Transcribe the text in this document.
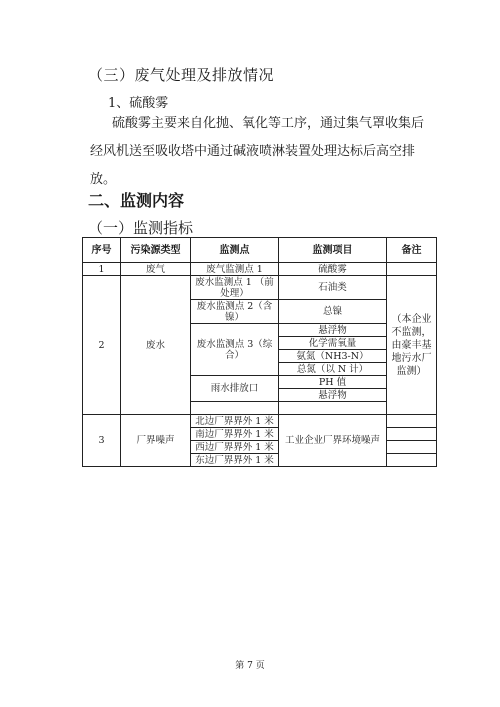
（三）废气处理及排放情况
1、硫酸雾
硫酸雾主要来自化抛、氧化等工序，通过集气罩收集后经风机送至吸收塔中通过碱液喷淋装置处理达标后高空排放。
二、监测内容
（一）监测指标
序号	污染源类型	监测点	监测项目	备注
1	废气	废气监测点 1	硫酸雾	
2	废水	废水监测点 1 （前处理）	石油类	（本企业不监测，由豪丰基地污水厂监测）
		废水监测点 2（含镍）	总镍	
		废水监测点 3（综合）	悬浮物	
			化学需氧量	
			氨氮（NH3-N）	
			总氮（以 N 计）	
		雨水排放口	PH 值	
			悬浮物	

3	厂界噪声	北边厂界界外 1 米	工业企业厂界环境噪声	
		南边厂界界外 1 米		
		西边厂界界外 1 米		
		东边厂界界外 1 米		
第 7 页
